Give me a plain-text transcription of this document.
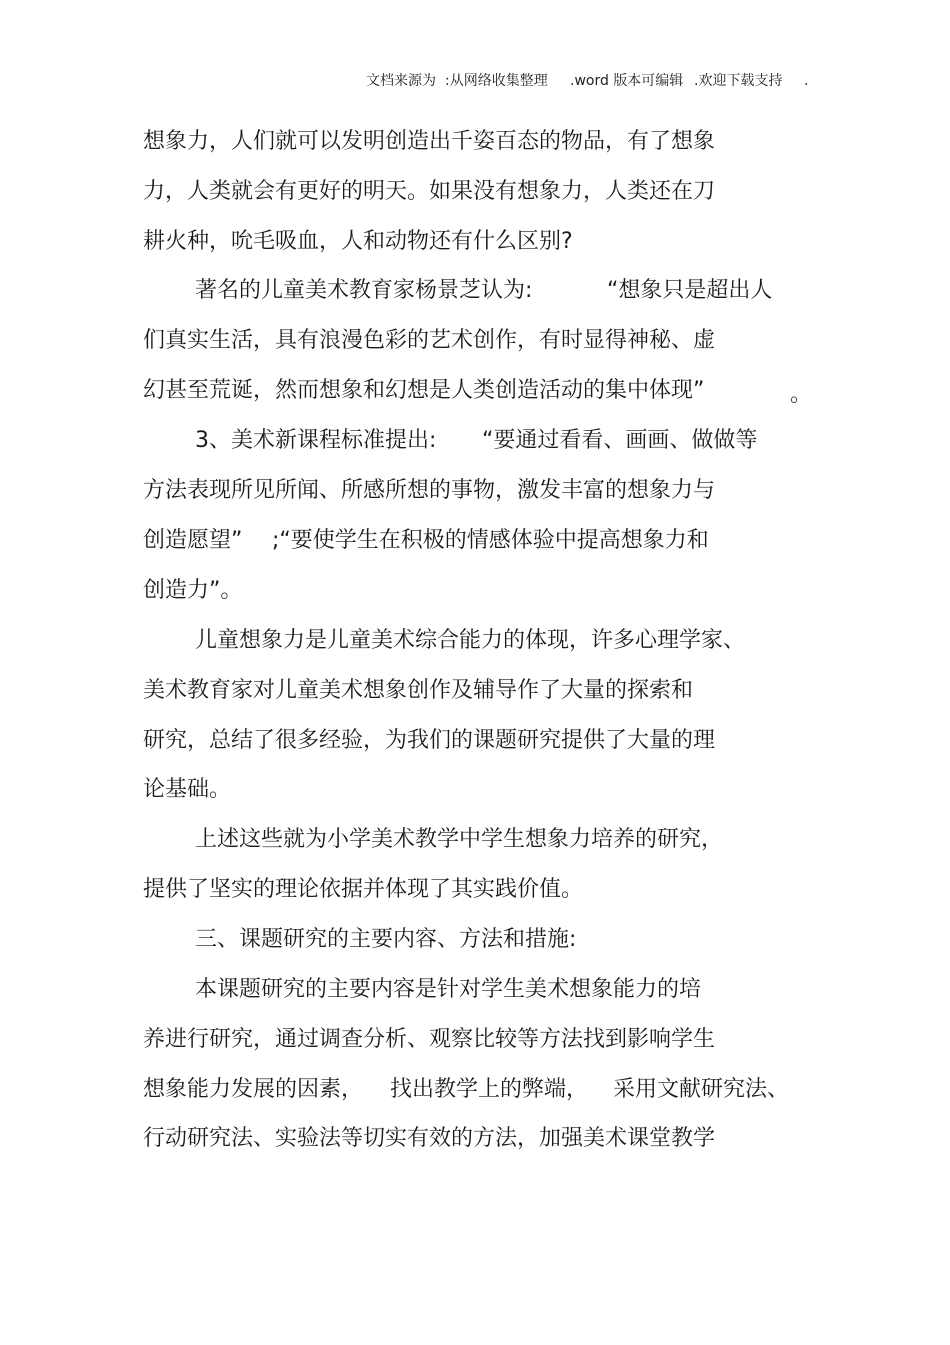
文档来源为 :从网络收集整理 .word 版本可编辑 .欢迎下载支持 .
想象力，人们就可以发明创造出千姿百态的物品，有了想象
力，人类就会有更好的明天。如果没有想象力，人类还在刀
耕火种，吮毛吸血，人和动物还有什么区别?
著名的儿童美术教育家杨景芝认为:	“想象只是超出人
们真实生活，具有浪漫色彩的艺术创作，有时显得神秘、虚
幻甚至荒诞，然而想象和幻想是人类创造活动的集中体现”	。
3、美术新课程标准提出: “要通过看看、画画、做做等
方法表现所见所闻、所感所想的事物，激发丰富的想象力与
创造愿望” ;“要使学生在积极的情感体验中提高想象力和
创造力”。
儿童想象力是儿童美术综合能力的体现，许多心理学家、
美术教育家对儿童美术想象创作及辅导作了大量的探索和
研究，总结了很多经验，为我们的课题研究提供了大量的理
论基础。
上述这些就为小学美术教学中学生想象力培养的研究，
提供了坚实的理论依据并体现了其实践价值。
三、课题研究的主要内容、方法和措施:
本课题研究的主要内容是针对学生美术想象能力的培
养进行研究，通过调查分析、观察比较等方法找到影响学生
想象能力发展的因素， 找出教学上的弊端， 采用文献研究法、
行动研究法、实验法等切实有效的方法，加强美术课堂教学
